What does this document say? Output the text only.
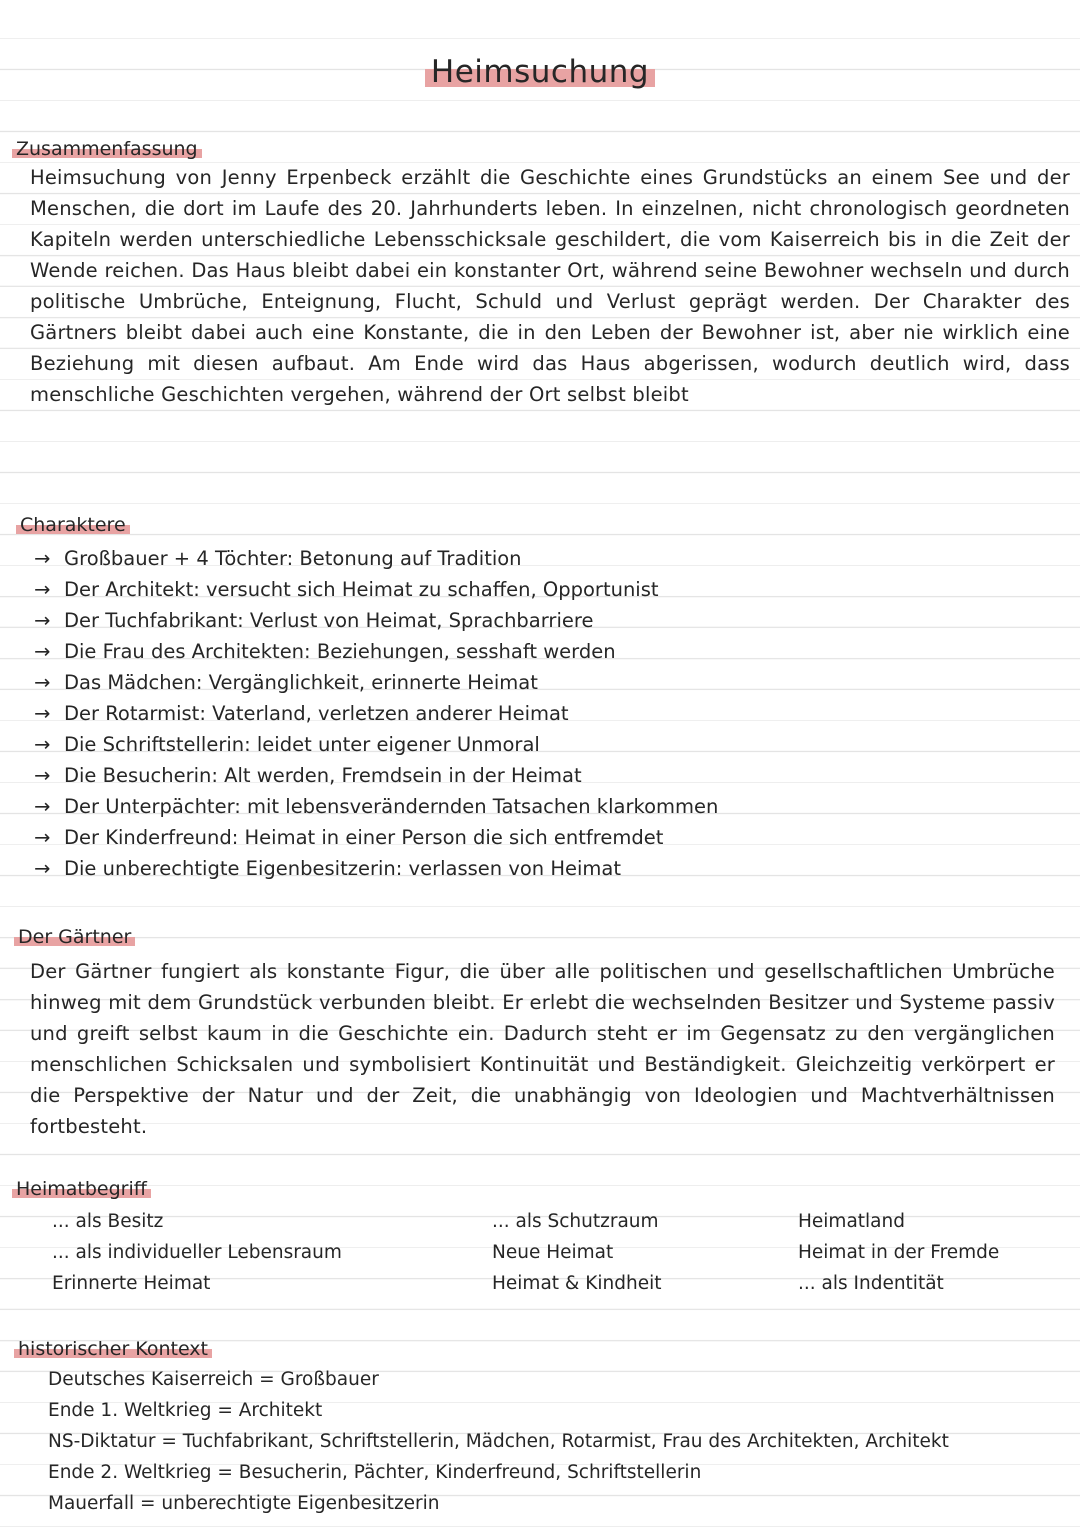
Heimsuchung
Zusammenfassung
Heimsuchung von Jenny Erpenbeck erzählt die Geschichte eines Grundstücks an einem See und der Menschen, die dort im Laufe des 20. Jahrhunderts leben. In einzelnen, nicht chronologisch geordneten Kapiteln werden unterschiedliche Lebensschicksale geschildert, die vom Kaiserreich bis in die Zeit der Wende reichen. Das Haus bleibt dabei ein konstanter Ort, während seine Bewohner wechseln und durch politische Umbrüche, Enteignung, Flucht, Schuld und Verlust geprägt werden. Der Charakter des Gärtners bleibt dabei auch eine Konstante, die in den Leben der Bewohner ist, aber nie wirklich eine Beziehung mit diesen aufbaut. Am Ende wird das Haus abgerissen, wodurch deutlich wird, dass menschliche Geschichten vergehen, während der Ort selbst bleibt
Charaktere
→ Großbauer + 4 Töchter: Betonung auf Tradition
→ Der Architekt: versucht sich Heimat zu schaffen, Opportunist
→ Der Tuchfabrikant: Verlust von Heimat, Sprachbarriere
→ Die Frau des Architekten: Beziehungen, sesshaft werden
→ Das Mädchen: Vergänglichkeit, erinnerte Heimat
→ Der Rotarmist: Vaterland, verletzen anderer Heimat
→ Die Schriftstellerin: leidet unter eigener Unmoral
→ Die Besucherin: Alt werden, Fremdsein in der Heimat
→ Der Unterpächter: mit lebensverändernden Tatsachen klarkommen
→ Der Kinderfreund: Heimat in einer Person die sich entfremdet
→ Die unberechtigte Eigenbesitzerin: verlassen von Heimat
Der Gärtner
Der Gärtner fungiert als konstante Figur, die über alle politischen und gesellschaftlichen Umbrüche hinweg mit dem Grundstück verbunden bleibt. Er erlebt die wechselnden Besitzer und Systeme passiv und greift selbst kaum in die Geschichte ein. Dadurch steht er im Gegensatz zu den vergänglichen menschlichen Schicksalen und symbolisiert Kontinuität und Beständigkeit. Gleichzeitig verkörpert er die Perspektive der Natur und der Zeit, die unabhängig von Ideologien und Machtverhältnissen fortbesteht.
Heimatbegriff
... als Besitz
... als individueller Lebensraum
Erinnerte Heimat
... als Schutzraum
Neue Heimat
Heimat & Kindheit
Heimatland
Heimat in der Fremde
... als Indentität
historischer Kontext
Deutsches Kaiserreich = Großbauer
Ende 1. Weltkrieg = Architekt
NS-Diktatur = Tuchfabrikant, Schriftstellerin, Mädchen, Rotarmist, Frau des Architekten, Architekt
Ende 2. Weltkrieg = Besucherin, Pächter, Kinderfreund, Schriftstellerin
Mauerfall = unberechtigte Eigenbesitzerin
